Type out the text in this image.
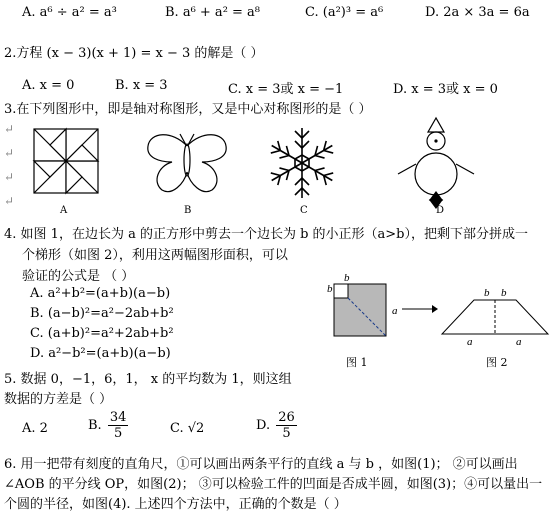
A. a⁶ ÷ a² = a³	B. a⁶ + a² = a⁸	C. (a²)³ = a⁶	D. 2a × 3a = 6a
2.方程 (x − 3)(x + 1) = x − 3 的解是（ ）
A. x = 0	B. x = 3	C. x = 3或 x = −1	D. x = 3或 x = 0
3.在下列图形中，即是轴对称图形，又是中心对称图形的是（ ）
↵
↵
↵
↵
A	B	C	D
4. 如图 1，在边长为 a 的正方形中剪去一个边长为 b 的小正形（a>b），把剩下部分拼成一
个梯形（如图 2），利用这两幅图形面积，可以
验证的公式是 （ ）
A. a²+b²=(a+b)(a−b)
B. (a−b)²=a²−2ab+b²
C. (a+b)²=a²+2ab+b²
D. a²−b²=(a+b)(a−b)
b
b
a
图 1
b b
a	a
图 2
5. 数据 0，−1，6，1， x 的平均数为 1，则这组
数据的方差是（ ）
A. 2	B. $\frac{34}{5}$	C. √2	D. $\frac{26}{5}$
6. 用一把带有刻度的直角尺，①可以画出两条平行的直线 a 与 b ，如图(1)； ②可以画出
∠AOB 的平分线 OP，如图(2)； ③可以检验工件的凹面是否成半圆，如图(3)；④可以量出一
个圆的半径，如图(4). 上述四个方法中，正确的个数是（ ）
